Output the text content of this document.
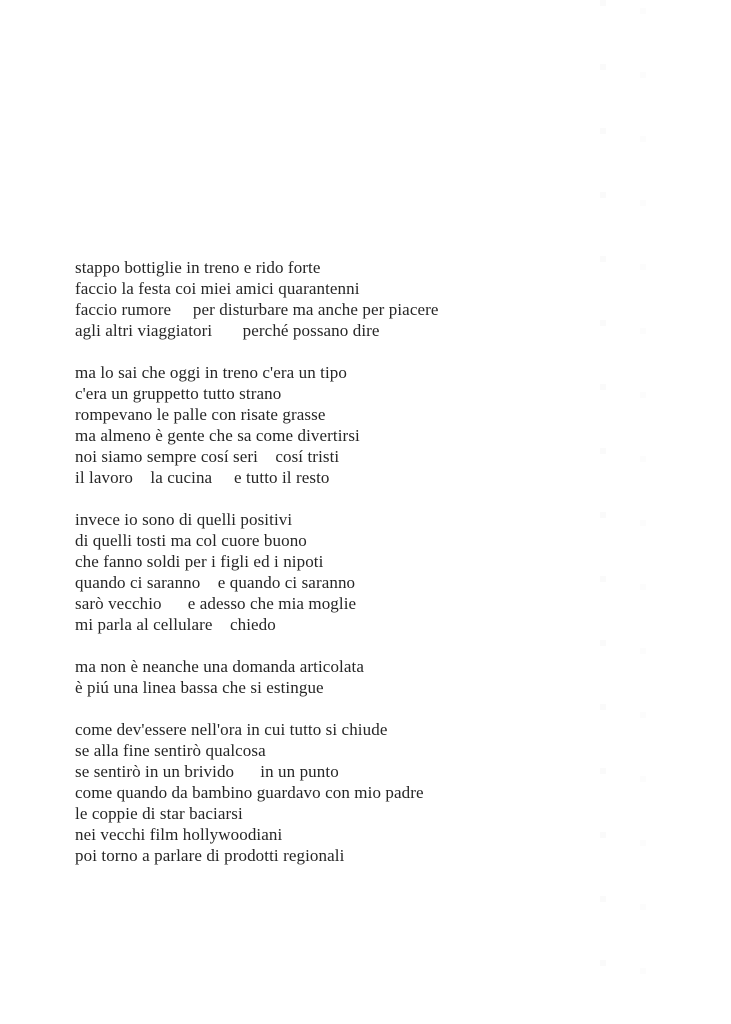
stappo bottiglie in treno e rido forte
faccio la festa coi miei amici quarantenni
faccio rumore     per disturbare ma anche per piacere
agli altri viaggiatori       perché possano dire
ma lo sai che oggi in treno c'era un tipo
c'era un gruppetto tutto strano
rompevano le palle con risate grasse
ma almeno è gente che sa come divertirsi
noi siamo sempre cosí seri    cosí tristi
il lavoro    la cucina     e tutto il resto
invece io sono di quelli positivi
di quelli tosti ma col cuore buono
che fanno soldi per i figli ed i nipoti
quando ci saranno    e quando ci saranno
sarò vecchio      e adesso che mia moglie
mi parla al cellulare    chiedo
ma non è neanche una domanda articolata
è piú una linea bassa che si estingue
come dev'essere nell'ora in cui tutto si chiude
se alla fine sentirò qualcosa
se sentirò in un brivido      in un punto
come quando da bambino guardavo con mio padre
le coppie di star baciarsi
nei vecchi film hollywoodiani
poi torno a parlare di prodotti regionali
